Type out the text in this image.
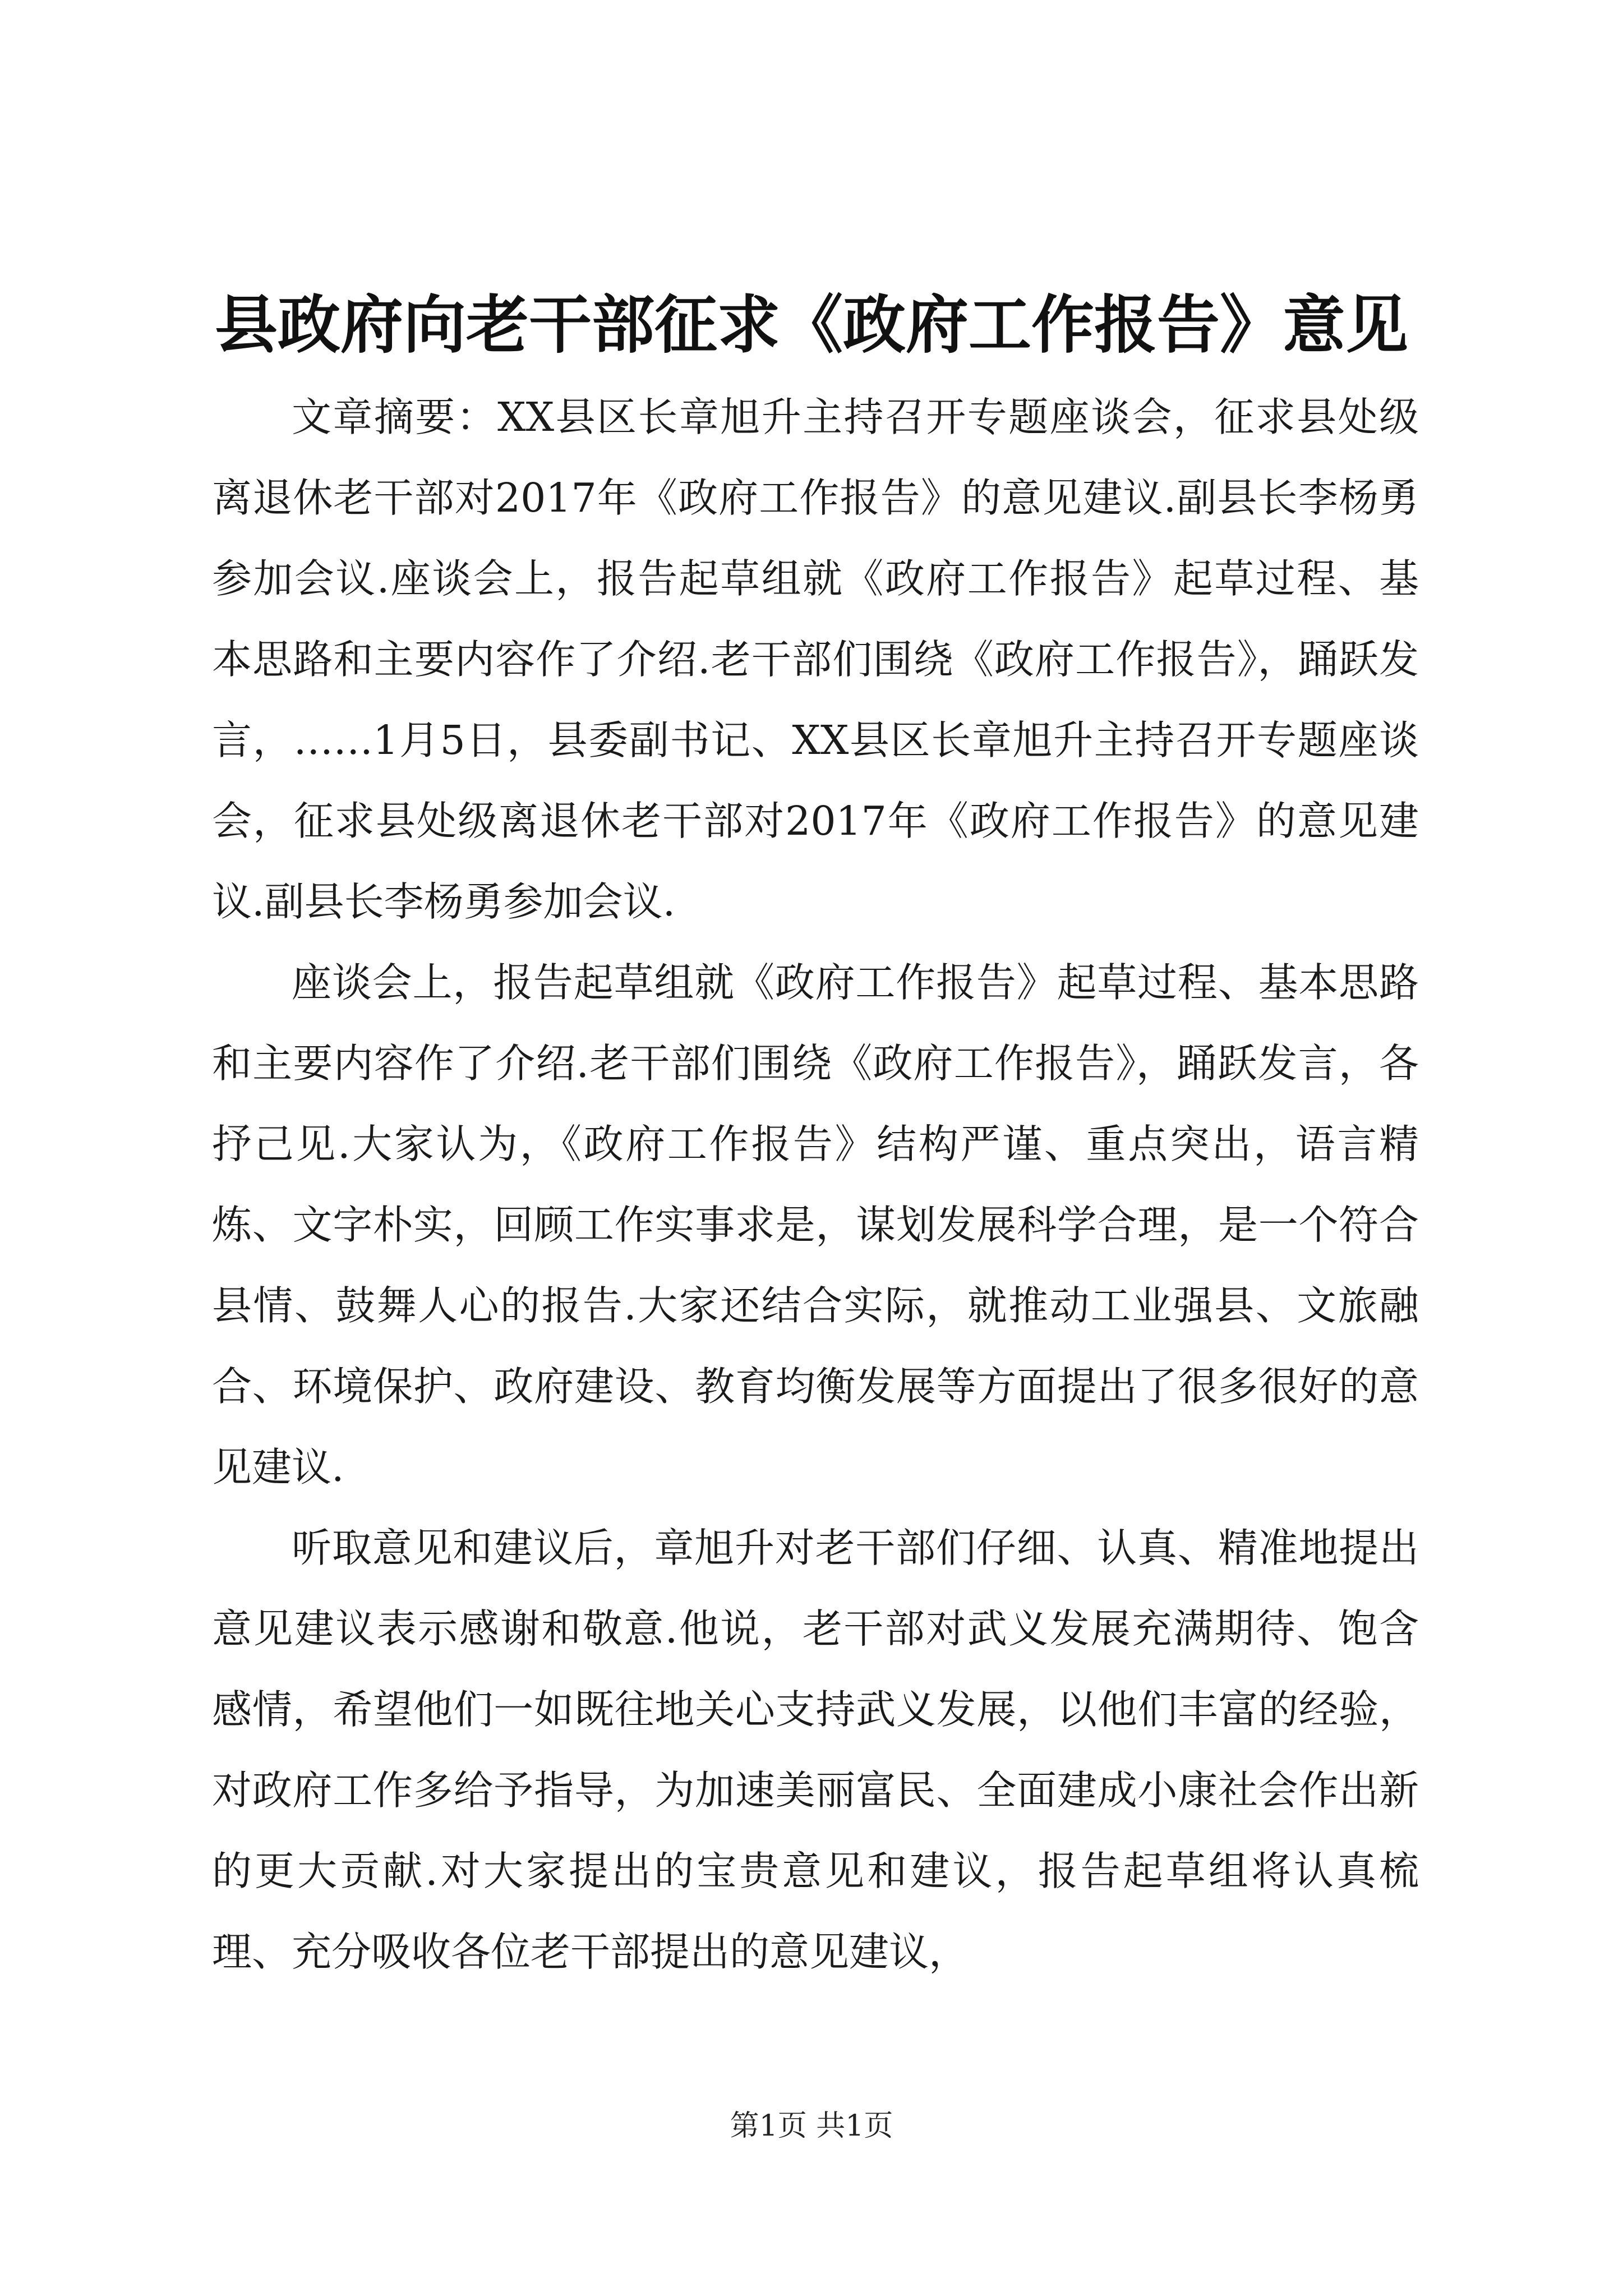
县政府向老干部征求《政府工作报告》意见

文章摘要：XX县区长章旭升主持召开专题座谈会，征求县处级离退休老干部对2017年《政府工作报告》的意见建议.副县长李杨勇参加会议.座谈会上，报告起草组就《政府工作报告》起草过程、基本思路和主要内容作了介绍.老干部们围绕《政府工作报告》，踊跃发言，……1月5日，县委副书记、XX县区长章旭升主持召开专题座谈会，征求县处级离退休老干部对2017年《政府工作报告》的意见建议.副县长李杨勇参加会议.

座谈会上，报告起草组就《政府工作报告》起草过程、基本思路和主要内容作了介绍.老干部们围绕《政府工作报告》，踊跃发言，各抒己见.大家认为，《政府工作报告》结构严谨、重点突出，语言精炼、文字朴实，回顾工作实事求是，谋划发展科学合理，是一个符合县情、鼓舞人心的报告.大家还结合实际，就推动工业强县、文旅融合、环境保护、政府建设、教育均衡发展等方面提出了很多很好的意见建议.

听取意见和建议后，章旭升对老干部们仔细、认真、精准地提出意见建议表示感谢和敬意.他说，老干部对武义发展充满期待、饱含感情，希望他们一如既往地关心支持武义发展，以他们丰富的经验，对政府工作多给予指导，为加速美丽富民、全面建成小康社会作出新的更大贡献.对大家提出的宝贵意见和建议，报告起草组将认真梳理、充分吸收各位老干部提出的意见建议，

第1页 共1页
